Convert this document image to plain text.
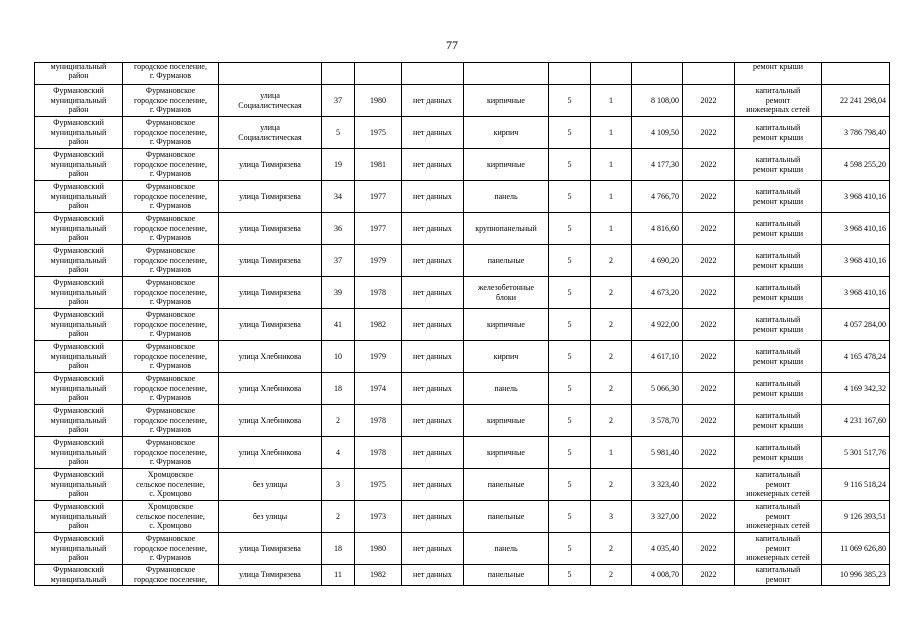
77
муниципальный
район	городское поселение,
г. Фурманов										ремонт крыши	

Фурмановский
муниципальный
район	Фурмановское
городское поселение,
г. Фурманов	улица
Социалистическая	37	1980	нет данных	кирпичные	5	1	8 108,00	2022	капитальный
ремонт
инженерных сетей	22 241 298,04

Фурмановский
муниципальный
район	Фурмановское
городское поселение,
г. Фурманов	улица
Социалистическая	5	1975	нет данных	кирпич	5	1	4 109,50	2022	капитальный
ремонт крыши	3 786 798,40

Фурмановский
муниципальный
район	Фурмановское
городское поселение,
г. Фурманов	улица Тимирязева	19	1981	нет данных	кирпичные	5	1	4 177,30	2022	капитальный
ремонт крыши	4 598 255,20

Фурмановский
муниципальный
район	Фурмановское
городское поселение,
г. Фурманов	улица Тимирязева	34	1977	нет данных	панель	5	1	4 766,70	2022	капитальный
ремонт крыши	3 968 410,16

Фурмановский
муниципальный
район	Фурмановское
городское поселение,
г. Фурманов	улица Тимирязева	36	1977	нет данных	крупнопанельный	5	1	4 816,60	2022	капитальный
ремонт крыши	3 968 410,16

Фурмановский
муниципальный
район	Фурмановское
городское поселение,
г. Фурманов	улица Тимирязева	37	1979	нет данных	панельные	5	2	4 690,20	2022	капитальный
ремонт крыши	3 968 410,16

Фурмановский
муниципальный
район	Фурмановское
городское поселение,
г. Фурманов	улица Тимирязева	39	1978	нет данных	железобетонные
блоки	5	2	4 673,20	2022	капитальный
ремонт крыши	3 968 410,16

Фурмановский
муниципальный
район	Фурмановское
городское поселение,
г. Фурманов	улица Тимирязева	41	1982	нет данных	кирпичные	5	2	4 922,00	2022	капитальный
ремонт крыши	4 057 284,00

Фурмановский
муниципальный
район	Фурмановское
городское поселение,
г. Фурманов	улица Хлебникова	10	1979	нет данных	кирпич	5	2	4 617,10	2022	капитальный
ремонт крыши	4 165 478,24

Фурмановский
муниципальный
район	Фурмановское
городское поселение,
г. Фурманов	улица Хлебникова	18	1974	нет данных	панель	5	2	5 066,30	2022	капитальный
ремонт крыши	4 169 342,32

Фурмановский
муниципальный
район	Фурмановское
городское поселение,
г. Фурманов	улица Хлебникова	2	1978	нет данных	кирпичные	5	2	3 578,70	2022	капитальный
ремонт крыши	4 231 167,60

Фурмановский
муниципальный
район	Фурмановское
городское поселение,
г. Фурманов	улица Хлебникова	4	1978	нет данных	кирпичные	5	1	5 981,40	2022	капитальный
ремонт крыши	5 301 517,76

Фурмановский
муниципальный
район	Хромцовское
сельское поселение,
с. Хромцово	без улицы	3	1975	нет данных	панельные	5	2	3 323,40	2022	капитальный
ремонт
инженерных сетей	9 116 518,24

Фурмановский
муниципальный
район	Хромцовское
сельское поселение,
с. Хромцово	без улицы	2	1973	нет данных	панельные	5	3	3 327,00	2022	капитальный
ремонт
инженерных сетей	9 126 393,51

Фурмановский
муниципальный
район	Фурмановское
городское поселение,
г. Фурманов	улица Тимирязева	18	1980	нет данных	панель	5	2	4 035,40	2022	капитальный
ремонт
инженерных сетей	11 069 626,80

Фурмановский
муниципальный	Фурмановское
городское поселение,	улица Тимирязева	11	1982	нет данных	панельные	5	2	4 008,70	2022	капитальный
ремонт	10 996 385,23
